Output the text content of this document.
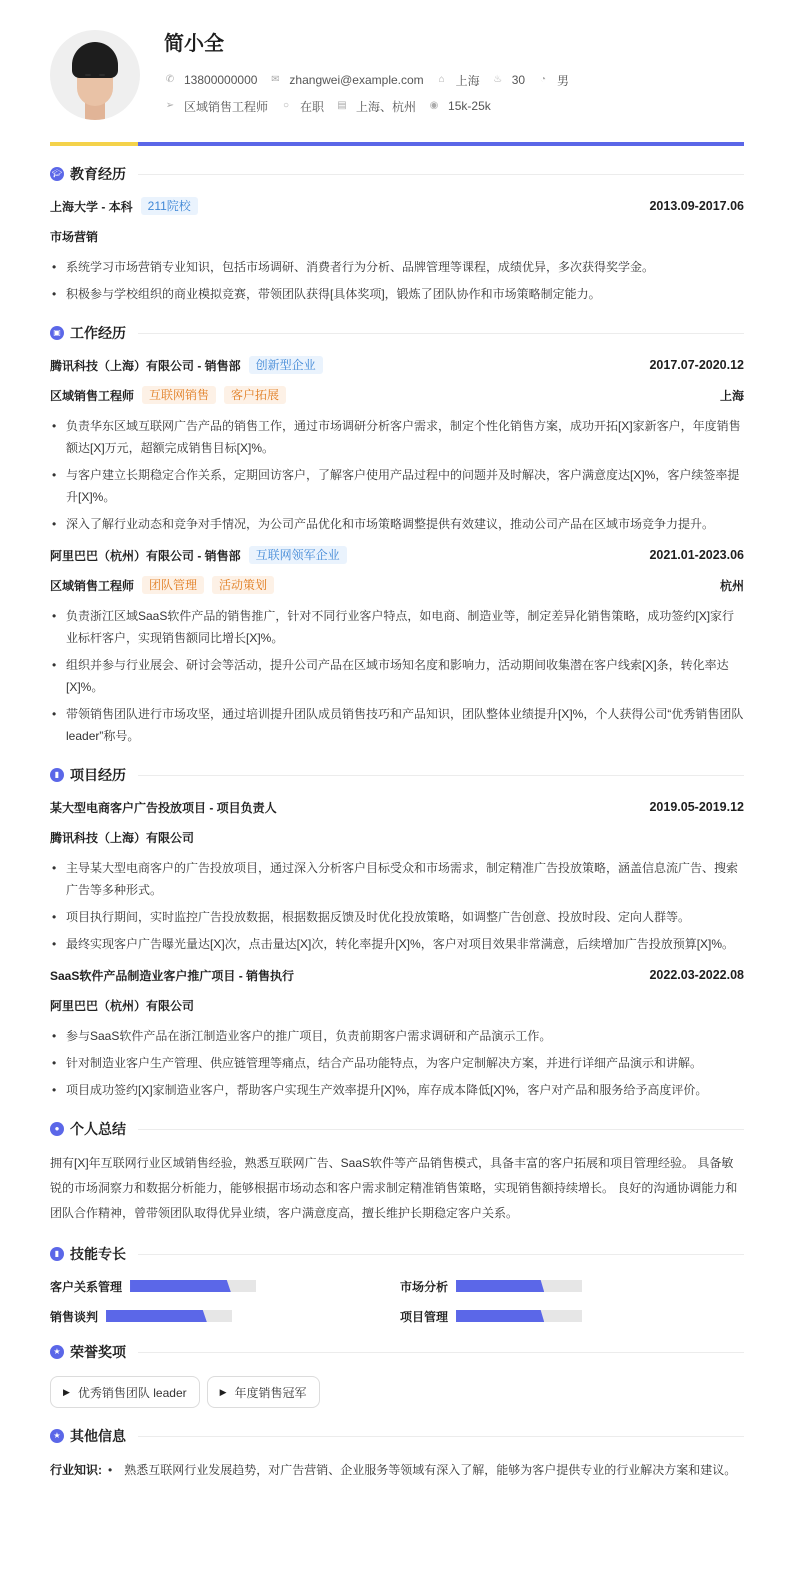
简小全
✆ 13800000000 ✉ zhangwei@example.com ⌂ 上海 ♨ 30 ◔ 男
➢ 区域销售工程师 ○ 在职 ▤ 上海、杭州 ◉ 15k-25k
🎓︎ 教育经历
上海大学 - 本科	211院校	2013.09-2017.06
市场营销
• 系统学习市场营销专业知识，包括市场调研、消费者行为分析、品牌管理等课程，成绩优异，多次获得奖学金。
• 积极参与学校组织的商业模拟竞赛，带领团队获得[具体奖项]，锻炼了团队协作和市场策略制定能力。
▣ 工作经历
腾讯科技（上海）有限公司 - 销售部	创新型企业	2017.07-2020.12
区域销售工程师	互联网销售	客户拓展	上海
• 负责华东区域互联网广告产品的销售工作，通过市场调研分析客户需求，制定个性化销售方案，成功开拓[X]家新客户，年度销售额达[X]万元，超额完成销售目标[X]%。
• 与客户建立长期稳定合作关系，定期回访客户，了解客户使用产品过程中的问题并及时解决，客户满意度达[X]%，客户续签率提升[X]%。
• 深入了解行业动态和竞争对手情况，为公司产品优化和市场策略调整提供有效建议，推动公司产品在区域市场竞争力提升。
阿里巴巴（杭州）有限公司 - 销售部	互联网领军企业	2021.01-2023.06
区域销售工程师	团队管理	活动策划	杭州
• 负责浙江区域SaaS软件产品的销售推广，针对不同行业客户特点，如电商、制造业等，制定差异化销售策略，成功签约[X]家行业标杆客户，实现销售额同比增长[X]%。
• 组织并参与行业展会、研讨会等活动，提升公司产品在区域市场知名度和影响力，活动期间收集潜在客户线索[X]条，转化率达[X]%。
• 带领销售团队进行市场攻坚，通过培训提升团队成员销售技巧和产品知识，团队整体业绩提升[X]%，个人获得公司“优秀销售团队 leader”称号。
▮ 项目经历
某大型电商客户广告投放项目 - 项目负责人	2019.05-2019.12
腾讯科技（上海）有限公司
• 主导某大型电商客户的广告投放项目，通过深入分析客户目标受众和市场需求，制定精准广告投放策略，涵盖信息流广告、搜索广告等多种形式。
• 项目执行期间，实时监控广告投放数据，根据数据反馈及时优化投放策略，如调整广告创意、投放时段、定向人群等。
• 最终实现客户广告曝光量达[X]次，点击量达[X]次，转化率提升[X]%，客户对项目效果非常满意，后续增加广告投放预算[X]%。
SaaS软件产品制造业客户推广项目 - 销售执行	2022.03-2022.08
阿里巴巴（杭州）有限公司
• 参与SaaS软件产品在浙江制造业客户的推广项目，负责前期客户需求调研和产品演示工作。
• 针对制造业客户生产管理、供应链管理等痛点，结合产品功能特点，为客户定制解决方案，并进行详细产品演示和讲解。
• 项目成功签约[X]家制造业客户，帮助客户实现生产效率提升[X]%，库存成本降低[X]%，客户对产品和服务给予高度评价。
● 个人总结

拥有[X]年互联网行业区域销售经验，熟悉互联网广告、SaaS软件等产品销售模式，具备丰富的客户拓展和项目管理经验。 具备敏锐的市场洞察力和数据分析能力，能够根据市场动态和客户需求制定精准销售策略，实现销售额持续增长。 良好的沟通协调能力和团队合作精神，曾带领团队取得优异业绩，客户满意度高，擅长维护长期稳定客户关系。

▮ 技能专长
客户关系管理	市场分析
销售谈判	项目管理
★ 荣誉奖项
▶ 优秀销售团队 leader	▶ 年度销售冠军
★ 其他信息
行业知识: • 熟悉互联网行业发展趋势，对广告营销、企业服务等领域有深入了解，能够为客户提供专业的行业解决方案和建议。
